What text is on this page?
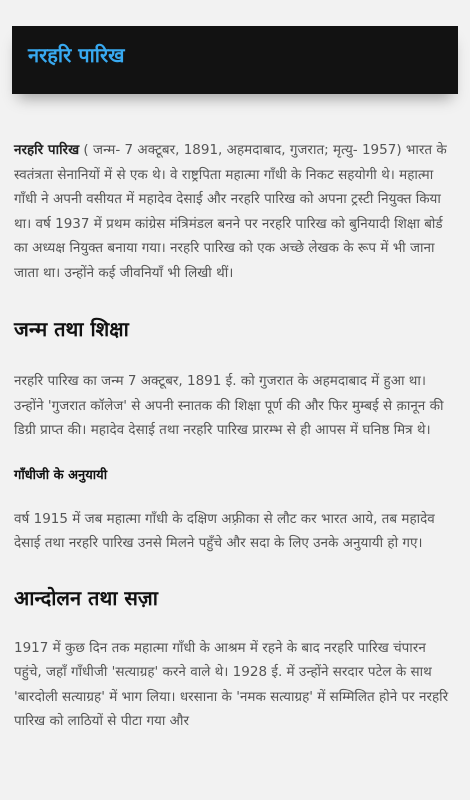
नरहरि पारिख

नरहरि पारिख ( जन्म- 7 अक्टूबर, 1891, अहमदाबाद, गुजरात; मृत्यु- 1957) भारत के स्वतंत्रता सेनानियों में से एक थे। वे राष्ट्रपिता महात्मा गाँधी के निकट सहयोगी थे। महात्मा गाँधी ने अपनी वसीयत में महादेव देसाई और नरहरि पारिख को अपना ट्रस्टी नियुक्त किया था। वर्ष 1937 में प्रथम कांग्रेस मंत्रिमंडल बनने पर नरहरि पारिख को बुनियादी शिक्षा बोर्ड का अध्यक्ष नियुक्त बनाया गया। नरहरि पारिख को एक अच्छे लेखक के रूप में भी जाना जाता था। उन्होंने कई जीवनियाँ भी लिखी थीं।

जन्म तथा शिक्षा

नरहरि पारिख का जन्म 7 अक्टूबर, 1891 ई. को गुजरात के अहमदाबाद में हुआ था। उन्होंने 'गुजरात कॉलेज' से अपनी स्नातक की शिक्षा पूर्ण की और फिर मुम्बई से क़ानून की डिग्री प्राप्त की। महादेव देसाई तथा नरहरि पारिख प्रारम्भ से ही आपस में घनिष्ठ मित्र थे।

गाँधीजी के अनुयायी

वर्ष 1915 में जब महात्मा गाँधी के दक्षिण अफ़्रीका से लौट कर भारत आये, तब महादेव देसाई तथा नरहरि पारिख उनसे मिलने पहुँचे और सदा के लिए उनके अनुयायी हो गए।

आन्दोलन तथा सज़ा

1917 में कुछ दिन तक महात्मा गाँधी के आश्रम में रहने के बाद नरहरि पारिख चंपारन पहुंचे, जहाँ गाँधीजी 'सत्याग्रह' करने वाले थे। 1928 ई. में उन्होंने सरदार पटेल के साथ 'बारदोली सत्याग्रह' में भाग लिया। धरसाना के 'नमक सत्याग्रह' में सम्मिलित होने पर नरहरि पारिख को लाठियों से पीटा गया और
